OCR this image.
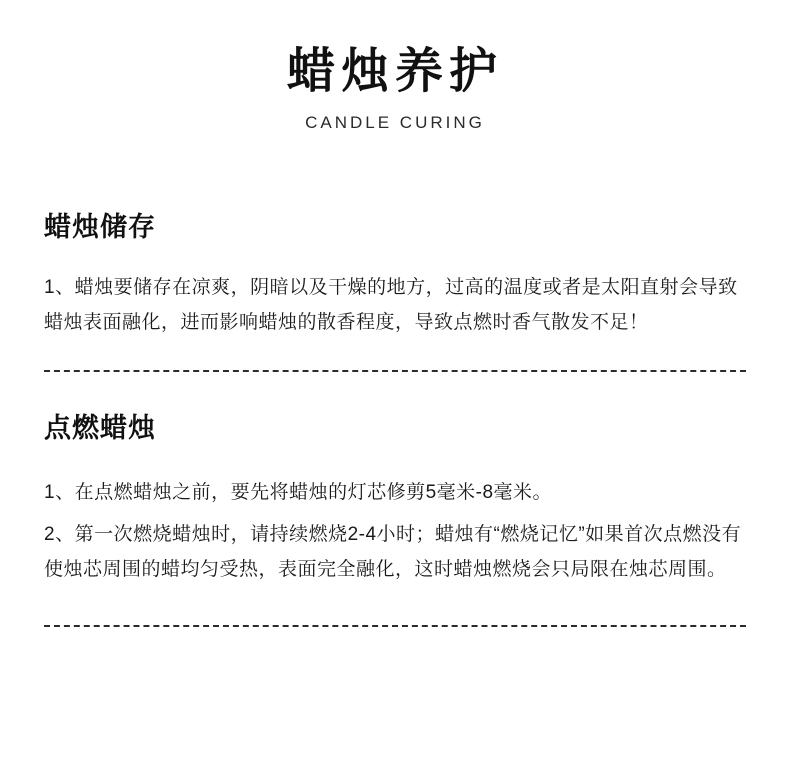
蜡烛养护
CANDLE CURING
蜡烛储存
1、蜡烛要储存在凉爽，阴暗以及干燥的地方，过高的温度或者是太阳直射会导致蜡烛表面融化，进而影响蜡烛的散香程度，导致点燃时香气散发不足！
点燃蜡烛
1、在点燃蜡烛之前，要先将蜡烛的灯芯修剪5毫米-8毫米。
2、第一次燃烧蜡烛时，请持续燃烧2-4小时；蜡烛有“燃烧记忆”如果首次点燃没有使烛芯周围的蜡均匀受热，表面完全融化，这时蜡烛燃烧会只局限在烛芯周围。
